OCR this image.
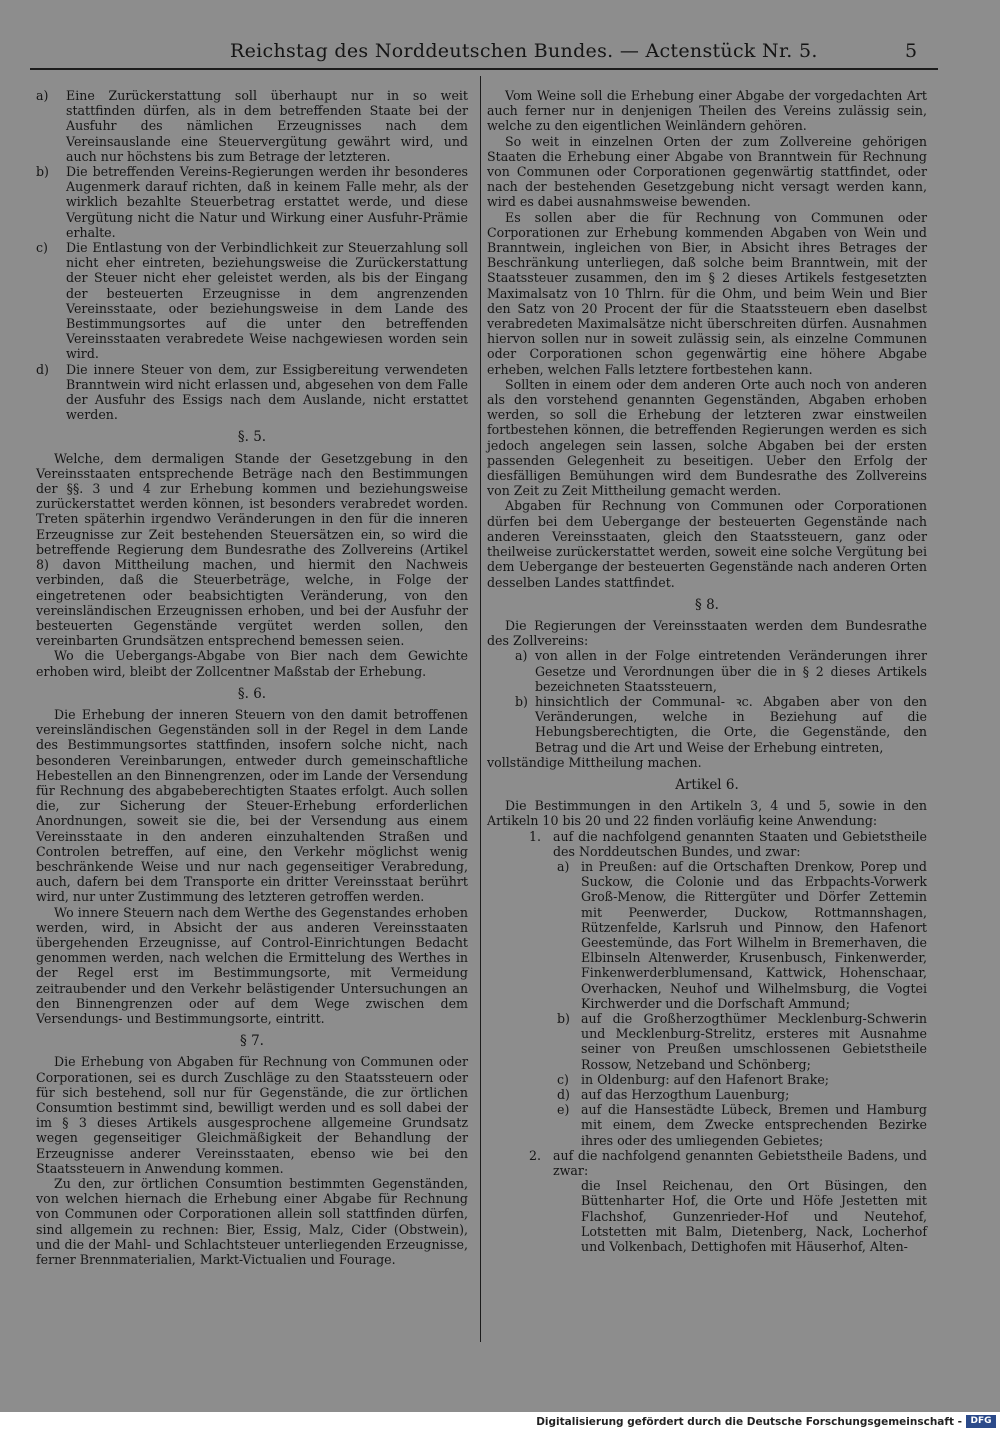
Reichstag des Norddeutschen Bundes. — Actenstück Nr. 5.	5
a) Eine Zurückerstattung soll überhaupt nur in so weit stattfinden dürfen, als in dem betreffenden Staate bei der Ausfuhr des nämlichen Erzeugnisses nach dem Vereinsauslande eine Steuervergütung gewährt wird, und auch nur höchstens bis zum Betrage der letzteren.
b) Die betreffenden Vereins-Regierungen werden ihr besonderes Augenmerk darauf richten, daß in keinem Falle mehr, als der wirklich bezahlte Steuerbetrag erstattet werde, und diese Vergütung nicht die Natur und Wirkung einer Ausfuhr-Prämie erhalte.
c) Die Entlastung von der Verbindlichkeit zur Steuerzahlung soll nicht eher eintreten, beziehungsweise die Zurückerstattung der Steuer nicht eher geleistet werden, als bis der Eingang der besteuerten Erzeugnisse in dem angrenzenden Vereinsstaate, oder beziehungsweise in dem Lande des Bestimmungsortes auf die unter den betreffenden Vereinsstaaten verabredete Weise nachgewiesen worden sein wird.
d) Die innere Steuer von dem, zur Essigbereitung verwendeten Branntwein wird nicht erlassen und, abgesehen von dem Falle der Ausfuhr des Essigs nach dem Auslande, nicht erstattet werden.

§. 5.

Welche, dem dermaligen Stande der Gesetzgebung in den Vereinsstaaten entsprechende Beträge nach den Bestimmungen der §§. 3 und 4 zur Erhebung kommen und beziehungsweise zurückerstattet werden können, ist besonders verabredet worden. Treten späterhin irgendwo Veränderungen in den für die inneren Erzeugnisse zur Zeit bestehenden Steuersätzen ein, so wird die betreffende Regierung dem Bundesrathe des Zollvereins (Artikel 8) davon Mittheilung machen, und hiermit den Nachweis verbinden, daß die Steuerbeträge, welche, in Folge der eingetretenen oder beabsichtigten Veränderung, von den vereinsländischen Erzeugnissen erhoben, und bei der Ausfuhr der besteuerten Gegenstände vergütet werden sollen, den vereinbarten Grundsätzen entsprechend bemessen seien.

Wo die Uebergangs-Abgabe von Bier nach dem Gewichte erhoben wird, bleibt der Zollcentner Maßstab der Erhebung.

§. 6.

Die Erhebung der inneren Steuern von den damit betroffenen vereinsländischen Gegenständen soll in der Regel in dem Lande des Bestimmungsortes stattfinden, insofern solche nicht, nach besonderen Vereinbarungen, entweder durch gemeinschaftliche Hebestellen an den Binnengrenzen, oder im Lande der Versendung für Rechnung des abgabeberechtigten Staates erfolgt. Auch sollen die, zur Sicherung der Steuer-Erhebung erforderlichen Anordnungen, soweit sie die, bei der Versendung aus einem Vereinsstaate in den anderen einzuhaltenden Straßen und Controlen betreffen, auf eine, den Verkehr möglichst wenig beschränkende Weise und nur nach gegenseitiger Verabredung, auch, dafern bei dem Transporte ein dritter Vereinsstaat berührt wird, nur unter Zustimmung des letzteren getroffen werden.

Wo innere Steuern nach dem Werthe des Gegenstandes erhoben werden, wird, in Absicht der aus anderen Vereinsstaaten übergehenden Erzeugnisse, auf Control-Einrichtungen Bedacht genommen werden, nach welchen die Ermittelung des Werthes in der Regel erst im Bestimmungsorte, mit Vermeidung zeitraubender und den Verkehr belästigender Untersuchungen an den Binnengrenzen oder auf dem Wege zwischen dem Versendungs- und Bestimmungsorte, eintritt.

§ 7.

Die Erhebung von Abgaben für Rechnung von Communen oder Corporationen, sei es durch Zuschläge zu den Staatssteuern oder für sich bestehend, soll nur für Gegenstände, die zur örtlichen Consumtion bestimmt sind, bewilligt werden und es soll dabei der im § 3 dieses Artikels ausgesprochene allgemeine Grundsatz wegen gegenseitiger Gleichmäßigkeit der Behandlung der Erzeugnisse anderer Vereinsstaaten, ebenso wie bei den Staatssteuern in Anwendung kommen.

Zu den, zur örtlichen Consumtion bestimmten Gegenständen, von welchen hiernach die Erhebung einer Abgabe für Rechnung von Communen oder Corporationen allein soll stattfinden dürfen, sind allgemein zu rechnen: Bier, Essig, Malz, Cider (Obstwein), und die der Mahl- und Schlachtsteuer unterliegenden Erzeugnisse, ferner Brennmaterialien, Markt-Victualien und Fourage.

Vom Weine soll die Erhebung einer Abgabe der vorgedachten Art auch ferner nur in denjenigen Theilen des Vereins zulässig sein, welche zu den eigentlichen Weinländern gehören.

So weit in einzelnen Orten der zum Zollvereine gehörigen Staaten die Erhebung einer Abgabe von Branntwein für Rechnung von Communen oder Corporationen gegenwärtig stattfindet, oder nach der bestehenden Gesetzgebung nicht versagt werden kann, wird es dabei ausnahmsweise bewenden.

Es sollen aber die für Rechnung von Communen oder Corporationen zur Erhebung kommenden Abgaben von Wein und Branntwein, ingleichen von Bier, in Absicht ihres Betrages der Beschränkung unterliegen, daß solche beim Branntwein, mit der Staatssteuer zusammen, den im § 2 dieses Artikels festgesetzten Maximalsatz von 10 Thlrn. für die Ohm, und beim Wein und Bier den Satz von 20 Procent der für die Staatssteuern eben daselbst verabredeten Maximalsätze nicht überschreiten dürfen. Ausnahmen hiervon sollen nur in soweit zulässig sein, als einzelne Communen oder Corporationen schon gegenwärtig eine höhere Abgabe erheben, welchen Falls letztere fortbestehen kann.

Sollten in einem oder dem anderen Orte auch noch von anderen als den vorstehend genannten Gegenständen, Abgaben erhoben werden, so soll die Erhebung der letzteren zwar einstweilen fortbestehen können, die betreffenden Regierungen werden es sich jedoch angelegen sein lassen, solche Abgaben bei der ersten passenden Gelegenheit zu beseitigen. Ueber den Erfolg der diesfälligen Bemühungen wird dem Bundesrathe des Zollvereins von Zeit zu Zeit Mittheilung gemacht werden.

Abgaben für Rechnung von Communen oder Corporationen dürfen bei dem Uebergange der besteuerten Gegenstände nach anderen Vereinsstaaten, gleich den Staatssteuern, ganz oder theilweise zurückerstattet werden, soweit eine solche Vergütung bei dem Uebergange der besteuerten Gegenstände nach anderen Orten desselben Landes stattfindet.

§ 8.

Die Regierungen der Vereinsstaaten werden dem Bundesrathe des Zollvereins:

a) von allen in der Folge eintretenden Veränderungen ihrer Gesetze und Verordnungen über die in § 2 dieses Artikels bezeichneten Staatssteuern,
b) hinsichtlich der Communal- ꝛc. Abgaben aber von den Veränderungen, welche in Beziehung auf die Hebungsberechtigten, die Orte, die Gegenstände, den Betrag und die Art und Weise der Erhebung eintreten,

vollständige Mittheilung machen.

Artikel 6.

Die Bestimmungen in den Artikeln 3, 4 und 5, sowie in den Artikeln 10 bis 20 und 22 finden vorläufig keine Anwendung:

1. auf die nachfolgend genannten Staaten und Gebietstheile des Norddeutschen Bundes, und zwar:
a) in Preußen: auf die Ortschaften Drenkow, Porep und Suckow, die Colonie und das Erbpachts-Vorwerk Groß-Menow, die Rittergüter und Dörfer Zettemin mit Peenwerder, Duckow, Rottmannshagen, Rützenfelde, Karlsruh und Pinnow, den Hafenort Geestemünde, das Fort Wilhelm in Bremerhaven, die Elbinseln Altenwerder, Krusenbusch, Finkenwerder, Finkenwerderblumensand, Kattwick, Hohenschaar, Overhacken, Neuhof und Wilhelmsburg, die Vogtei Kirchwerder und die Dorfschaft Ammund;
b) auf die Großherzogthümer Mecklenburg-Schwerin und Mecklenburg-Strelitz, ersteres mit Ausnahme seiner von Preußen umschlossenen Gebietstheile Rossow, Netzeband und Schönberg;
c) in Oldenburg: auf den Hafenort Brake;
d) auf das Herzogthum Lauenburg;
e) auf die Hansestädte Lübeck, Bremen und Hamburg mit einem, dem Zwecke entsprechenden Bezirke ihres oder des umliegenden Gebietes;
2. auf die nachfolgend genannten Gebietstheile Badens, und zwar:

die Insel Reichenau, den Ort Büsingen, den Büttenharter Hof, die Orte und Höfe Jestetten mit Flachshof, Gunzenrieder-Hof und Neutehof, Lotstetten mit Balm, Dietenberg, Nack, Locherhof und Volkenbach, Dettighofen mit Häuserhof, Alten-

Digitalisierung gefördert durch die Deutsche Forschungsgemeinschaft - DFG
